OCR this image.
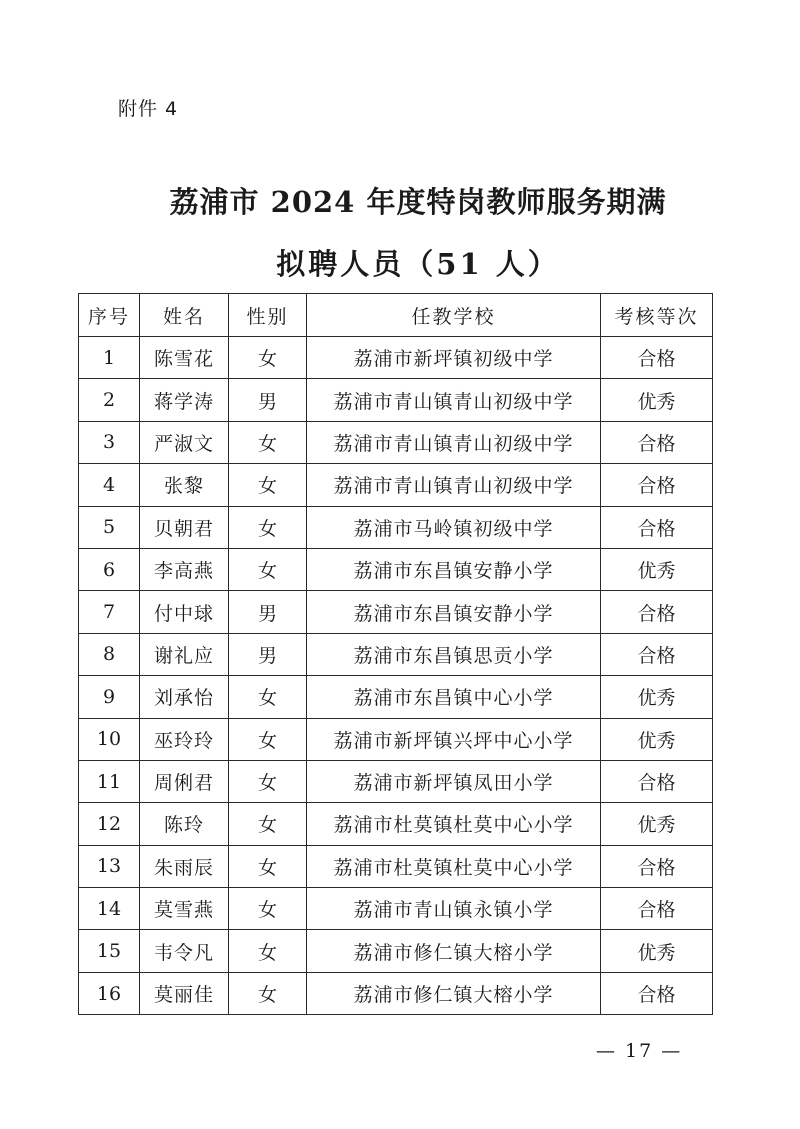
附件 4
荔浦市 2024 年度特岗教师服务期满
拟聘人员（51 人）
序号	姓名	性别	任教学校	考核等次
1	陈雪花	女	荔浦市新坪镇初级中学	合格
2	蒋学涛	男	荔浦市青山镇青山初级中学	优秀
3	严淑文	女	荔浦市青山镇青山初级中学	合格
4	张黎	女	荔浦市青山镇青山初级中学	合格
5	贝朝君	女	荔浦市马岭镇初级中学	合格
6	李高燕	女	荔浦市东昌镇安静小学	优秀
7	付中球	男	荔浦市东昌镇安静小学	合格
8	谢礼应	男	荔浦市东昌镇思贡小学	合格
9	刘承怡	女	荔浦市东昌镇中心小学	优秀
10	巫玲玲	女	荔浦市新坪镇兴坪中心小学	优秀
11	周俐君	女	荔浦市新坪镇凤田小学	合格
12	陈玲	女	荔浦市杜莫镇杜莫中心小学	优秀
13	朱雨辰	女	荔浦市杜莫镇杜莫中心小学	合格
14	莫雪燕	女	荔浦市青山镇永镇小学	合格
15	韦令凡	女	荔浦市修仁镇大榕小学	优秀
16	莫丽佳	女	荔浦市修仁镇大榕小学	合格
— 17 —
